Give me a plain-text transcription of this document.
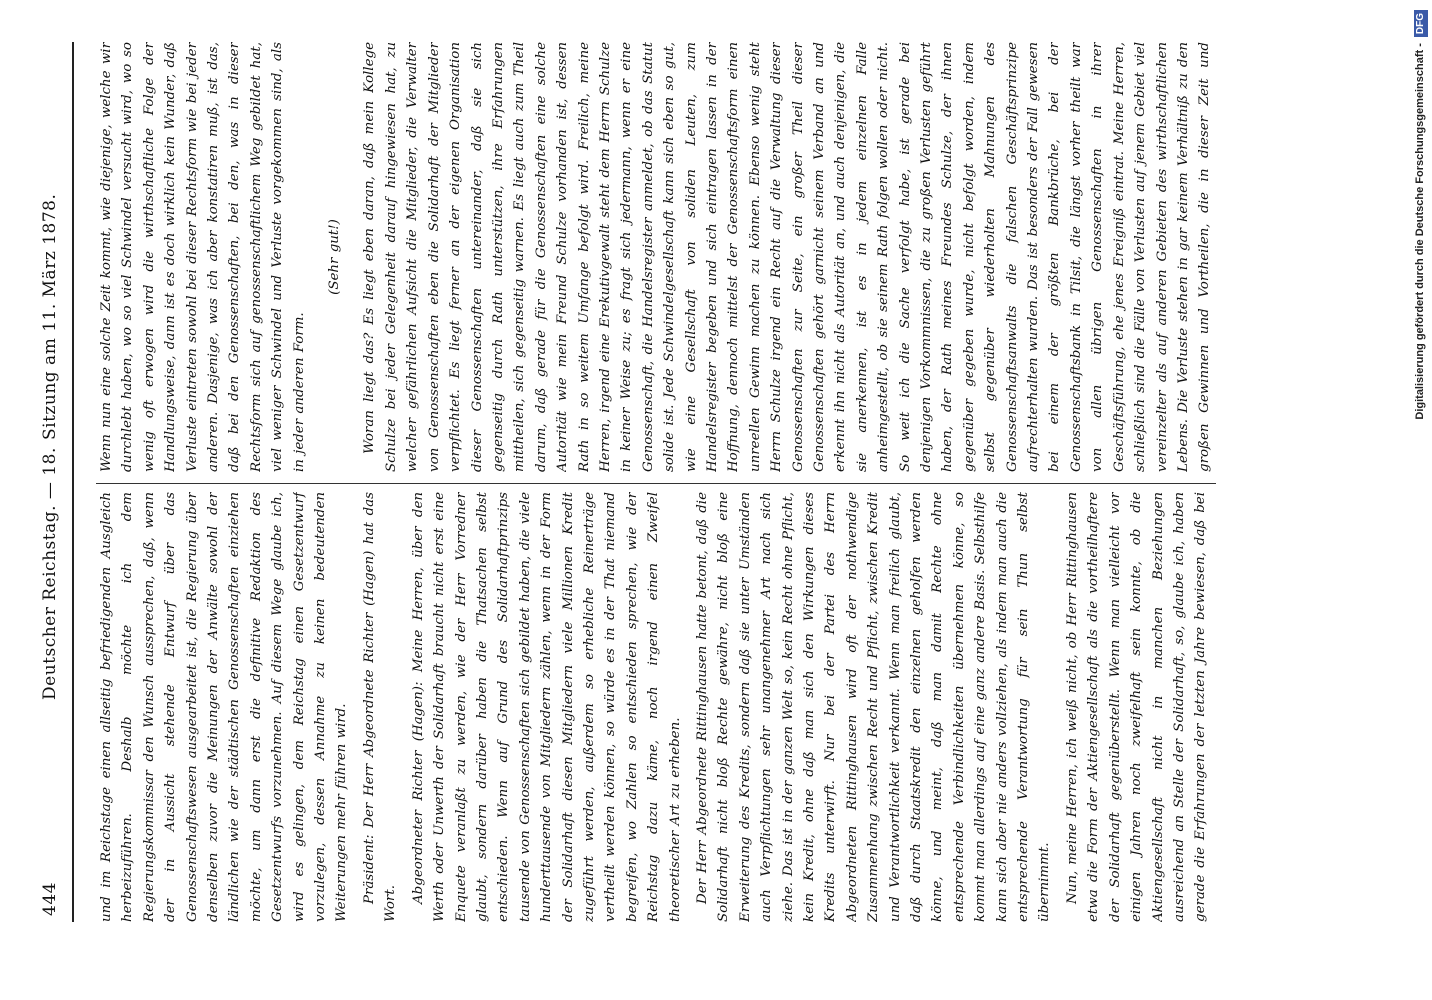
444
Deutscher Reichstag. — 18.
Sitzung am 11. März 1878.

und im Reichstage einen allseitig befriedigenden Ausgleich herbeizuführen. Deshalb möchte ich dem Regierungskommissar den Wunsch aussprechen, daß, wenn der in Aussicht stehende Entwurf über das Genossenschaftswesen ausgearbeitet ist, die Regierung über denselben zuvor die Meinungen der Anwälte sowohl der ländlichen wie der städtischen Genossenschaften einziehen möchte, um dann erst die definitive Redaktion des Gesetzentwurfs vorzunehmen. Auf diesem Wege glaube ich, wird es gelingen, dem Reichstag einen Gesetzentwurf vorzulegen, dessen Annahme zu keinen bedeutenden Weiterungen mehr führen wird. Präsident: Der Herr Abgeordnete Richter (Hagen) hat das Wort. Abgeordneter Richter (Hagen): Meine Herren, über den Werth oder Unwerth der Solidarhaft braucht nicht erst eine Enquete veranlaßt zu werden, wie der Herr Vorredner glaubt, sondern darüber haben die Thatsachen selbst entschieden. Wenn auf Grund des Solidarhaftprinzips tausende von Genossenschaften sich gebildet haben, die viele hunderttausende von Mitgliedern zählen, wenn in der Form der Solidarhaft diesen Mitgliedern viele Millionen Kredit zugeführt werden, außerdem so erhebliche Reinerträge vertheilt werden können, so würde es in der That niemand begreifen, wo Zahlen so entschieden sprechen, wie der Reichstag dazu käme, noch irgend einen Zweifel theoretischer Art zu erheben. Der Herr Abgeordnete Rittinghausen hatte betont, daß die Solidarhaft nicht bloß Rechte gewähre, nicht bloß eine Erweiterung des Kredits, sondern daß sie unter Umständen auch Verpflichtungen sehr unangenehmer Art nach sich ziehe. Das ist in der ganzen Welt so, kein Recht ohne Pflicht, kein Kredit, ohne daß man sich den Wirkungen dieses Kredits unterwirft. Nur bei der Partei des Herrn Abgeordneten Rittinghausen wird oft der nothwendige Zusammenhang zwischen Recht und Pflicht, zwischen Kredit und Verantwortlichkeit verkannt. Wenn man freilich glaubt, daß durch Staatskredit den einzelnen geholfen werden könne, und meint, daß man damit Rechte ohne entsprechende Verbindlichkeiten übernehmen könne, so kommt man allerdings auf eine ganz andere Basis. Selbsthilfe kann sich aber nie anders vollziehen, als indem man auch die entsprechende Verantwortung für sein Thun selbst übernimmt. Nun, meine Herren, ich weiß nicht, ob Herr Rittinghausen etwa die Form der Aktiengesellschaft als die vortheilhaftere der Solidarhaft gegenüberstellt. Wenn man vielleicht vor einigen Jahren noch zweifelhaft sein konnte, ob die Aktiengesellschaft nicht in manchen Beziehungen ausreichend an Stelle der Solidarhaft, so, glaube ich, haben gerade die Erfahrungen der letzten Jahre bewiesen, daß bei

Wenn nun eine solche Zeit kommt, wie diejenige, welche wir durchlebt haben, wo so viel Schwindel versucht wird, wo so wenig oft erwogen wird die wirthschaftliche Folge der Handlungsweise, dann ist es doch wirklich kein Wunder, daß Verluste eintreten sowohl bei dieser Rechtsform wie bei jeder anderen. Dasjenige, was ich aber konstatiren muß, ist das, daß bei den Genossenschaften, bei den, was in dieser Rechtsform sich auf genossenschaftlichem Weg gebildet hat, viel weniger Schwindel und Verluste vorgekommen sind, als in jeder anderen Form.

(Sehr gut!)

Woran liegt das? Es liegt eben daran, daß mein Kollege Schulze bei jeder Gelegenheit darauf hingewiesen hat, zu welcher gefährlichen Aufsicht die Mitglieder, die Verwalter von Genossenschaften eben die Solidarhaft der Mitglieder verpflichtet. Es liegt ferner an der eigenen Organisation dieser Genossenschaften untereinander, daß sie sich gegenseitig durch Rath unterstützen, ihre Erfahrungen mittheilen, sich gegenseitig warnen. Es liegt auch zum Theil darum, daß gerade für die Genossenschaften eine solche Autorität wie mein Freund Schulze vorhanden ist, dessen Rath in so weitem Umfange befolgt wird. Freilich, meine Herren, irgend eine Erekutivgewalt steht dem Herrn Schulze in keiner Weise zu; es fragt sich jedermann, wenn er eine Genossenschaft, die Handelsregister anmeldet, ob das Statut solide ist. Jede Schwindelgesellschaft kann sich eben so gut, wie eine Gesellschaft von soliden Leuten, zum Handelsregister begeben und sich eintragen lassen in der Hoffnung, dennoch mittelst der Genossenschaftsform einen unreellen Gewinn machen zu können. Ebenso wenig steht Herrn Schulze irgend ein Recht auf die Verwaltung dieser Genossenschaften zur Seite, ein großer Theil dieser Genossenschaften gehört garnicht seinem Verband an und erkennt ihn nicht als Autorität an, und auch denjenigen, die sie anerkennen, ist es in jedem einzelnen Falle anheimgestellt, ob sie seinem Rath folgen wollen oder nicht. So weit ich die Sache verfolgt habe, ist gerade bei denjenigen Vorkommnissen, die zu großen Verlusten geführt haben, der Rath meines Freundes Schulze, der ihnen gegenüber gegeben wurde, nicht befolgt worden, indem selbst gegenüber wiederholten Mahnungen des Genossenschaftsanwalts die falschen Geschäftsprinzipe aufrechterhalten wurden. Das ist besonders der Fall gewesen bei einem der größten Bankbrüche, bei der Genossenschaftsbank in Tilsit, die längst vorher theilt war von allen übrigen Genossenschaften in ihrer Geschäftsführung, ehe jenes Ereigniß eintrat. Meine Herren, schließlich sind die Fälle von Verlusten auf jenem Gebiet viel vereinzelter als auf anderen Gebieten des wirthschaftlichen Lebens. Die Verluste stehen in gar keinem Verhältniß zu den großen Gewinnen und Vortheilen, die in dieser Zeit und	Digitalisierung gefördert durch die Deutsche Forschungsgemeinschaft -DFG
